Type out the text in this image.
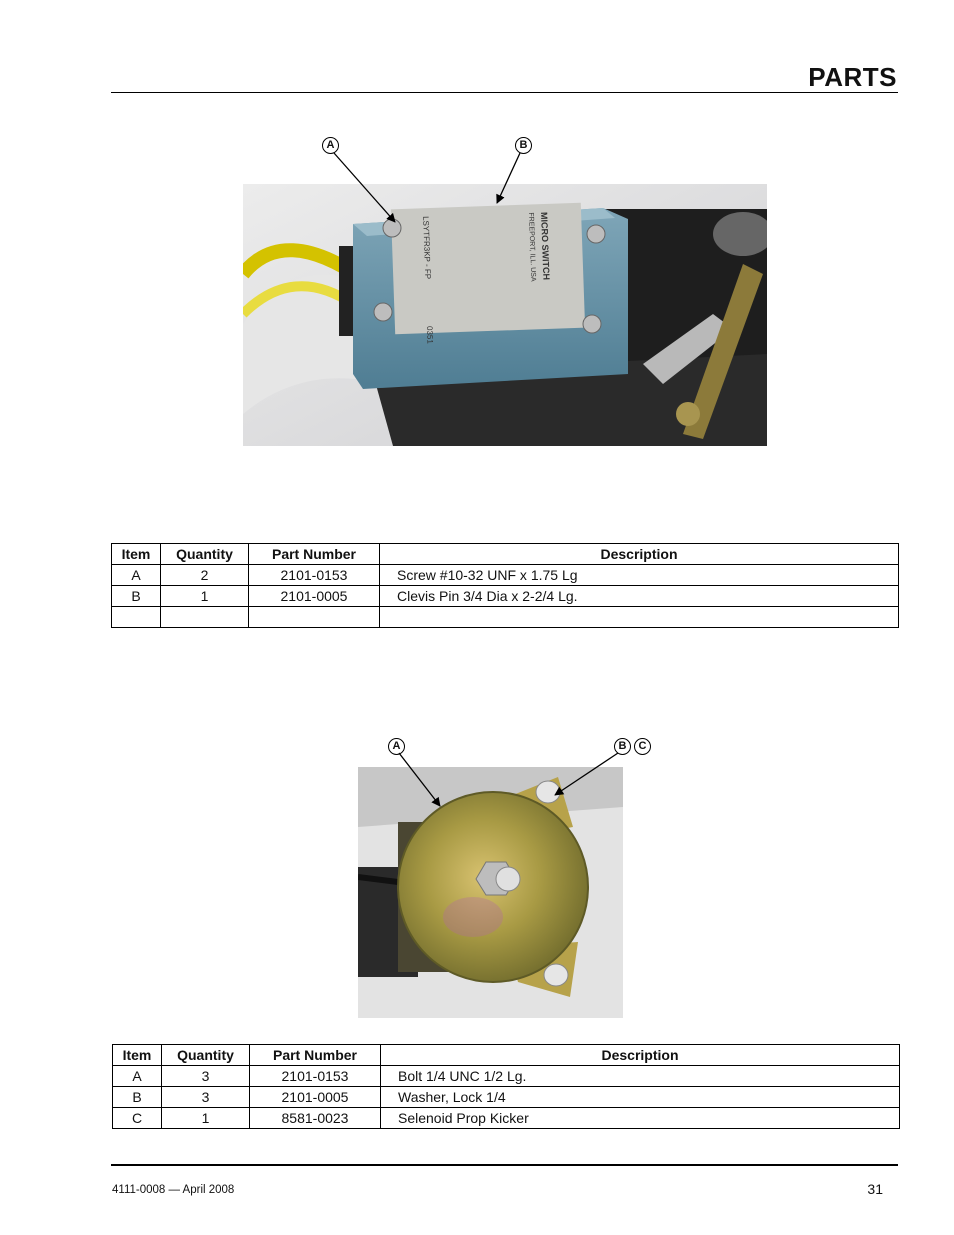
PARTS
MICRO SWITCH
FREEPORT, ILL. USA
LSYTFR3KP - FP
0351
A	B
Item	Quantity	Part Number	Description
A	2	2101-0153	Screw #10-32 UNF x 1.75 Lg
B	1	2101-0005	Clevis Pin 3/4 Dia x 2-2/4 Lg.

A	B	C
Item	Quantity	Part Number	Description
A	3	2101-0153	Bolt 1/4 UNC 1/2 Lg.
B	3	2101-0005	Washer, Lock 1/4
C	1	8581-0023	Selenoid Prop Kicker
4111-0008 — April 2008	31
